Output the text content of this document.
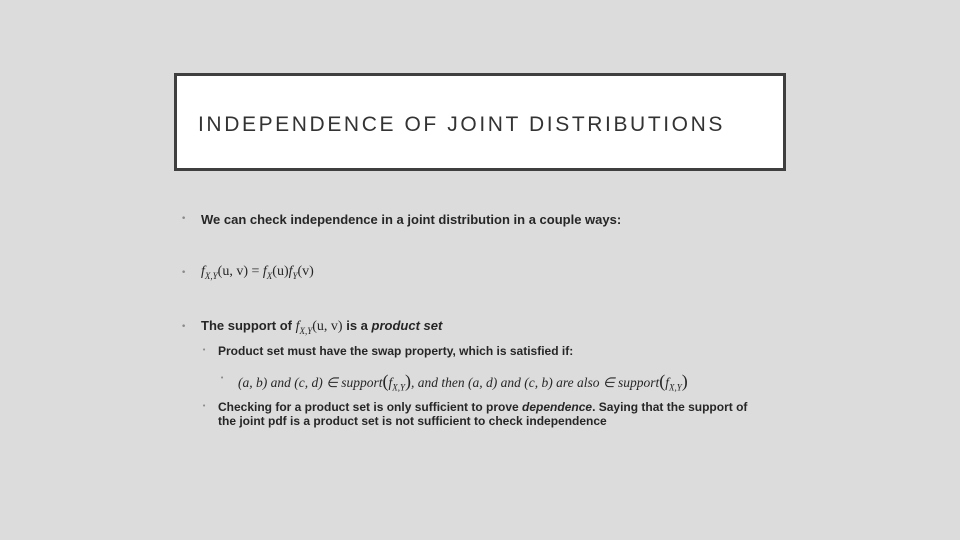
INDEPENDENCE OF JOINT DISTRIBUTIONS
• We can check independence in a joint distribution in a couple ways:
• $f_{X,Y}(u$, $v) = f_X(u)f_Y(v)$
• The support of $f_{X,Y}(u$, v) is a product set
• Product set must have the swap property, which is satisfied if:
• (a, b) and (c, d) ∈ $support(f_{X,Y})$, and then (a, d) and (c, b) are also ∈ $support(f_{X,Y})$
• Checking for a product set is only sufficient to prove dependence. Saying that the support of the joint pdf is a product set is not sufficient to check independence
